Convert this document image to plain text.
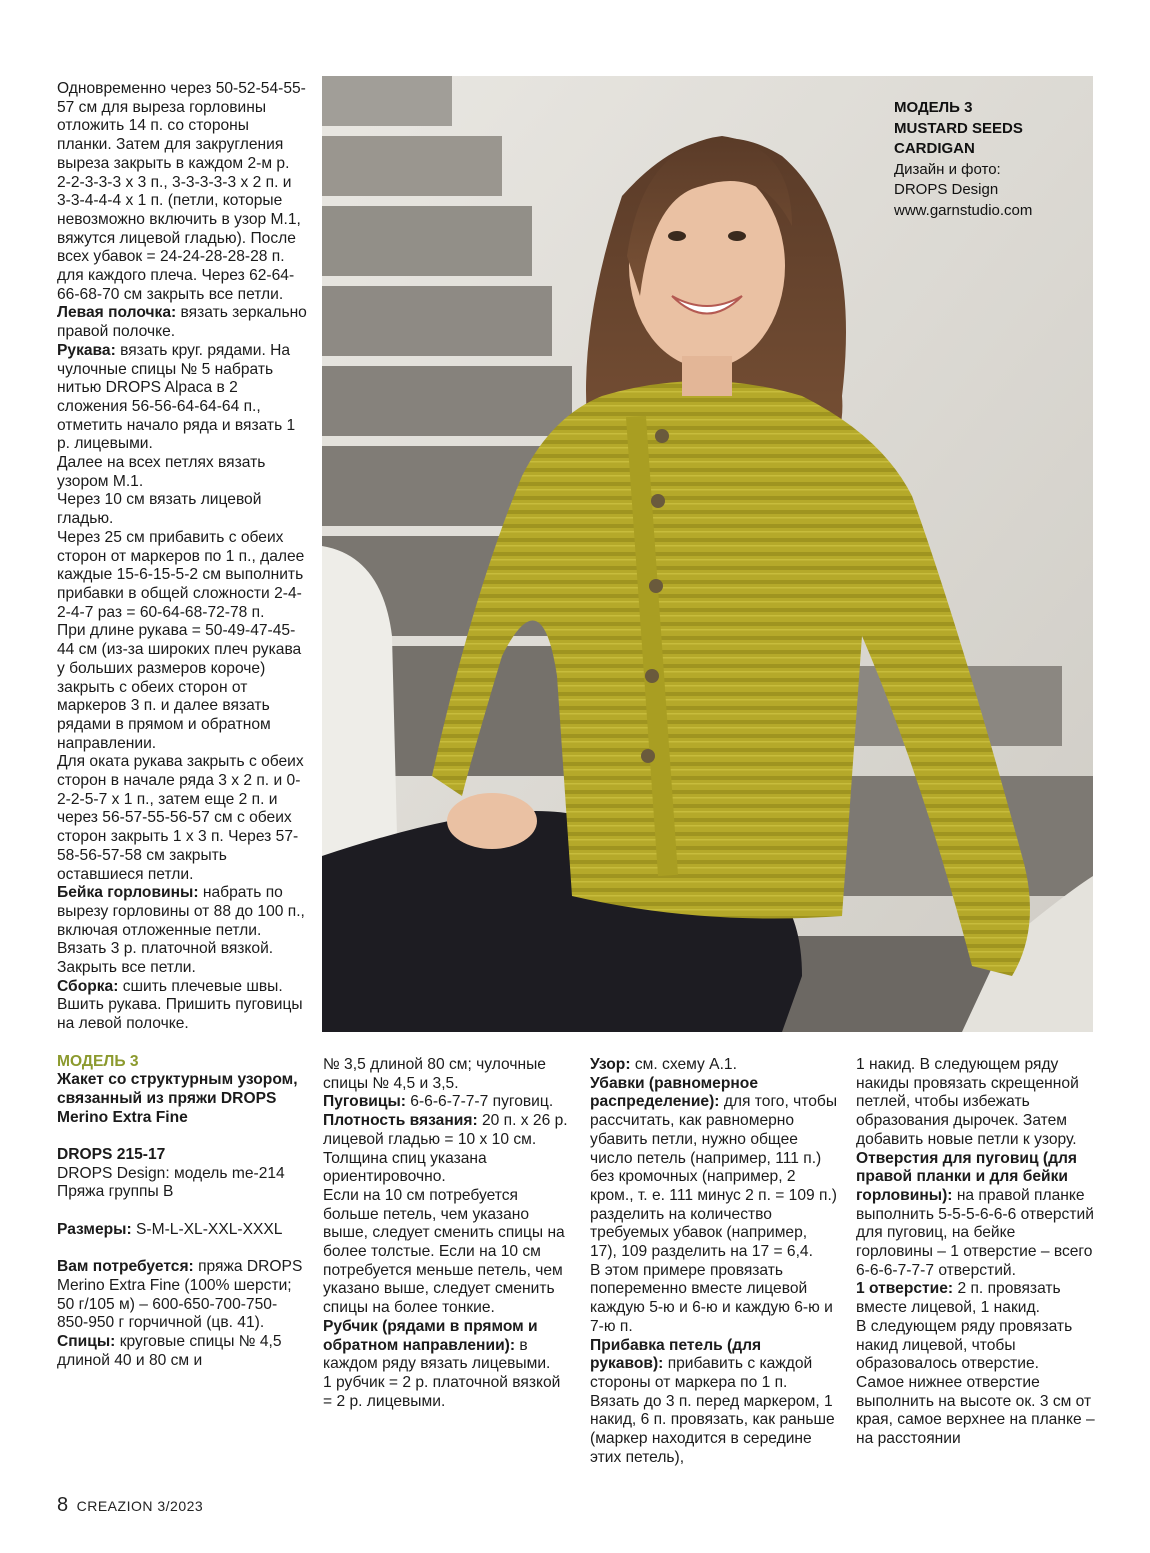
Одновременно через 50-52-54-55-57 см для выреза горловины отложить 14 п. со стороны планки. Затем для закругления выреза закрыть в каждом 2-м р. 2-2-3-3-3 х 3 п., 3-3-3-3-3 х 2 п. и 3-3-4-4-4 х 1 п. (петли, которые невозможно включить в узор М.1, вяжутся лицевой гладью). После всех убавок = 24-24-28-28-28 п. для каждого плеча. Через 62-64-66-68-70 см закрыть все петли.

Левая полочка: вязать зеркально правой полочке.

Рукава: вязать круг. рядами. На чулочные спицы № 5 набрать нитью DROPS Alpaca в 2 сложения 56-56-64-64-64 п., отметить начало ряда и вязать 1 р. лицевыми.

Далее на всех петлях вязать узором М.1.

Через 10 см вязать лицевой гладью.

Через 25 см прибавить с обеих сторон от маркеров по 1 п., далее каждые 15-6-15-5-2 см выполнить прибавки в общей сложности 2-4-2-4-7 раз = 60-64-68-72-78 п.

При длине рукава = 50-49-47-45-44 см (из-за широких плеч рукава у больших размеров короче) закрыть с обеих сторон от маркеров 3 п. и далее вязать рядами в прямом и обратном направлении.

Для оката рукава закрыть с обеих сторон в начале ряда 3 х 2 п. и 0-2-2-5-7 х 1 п., затем еще 2 п. и через 56-57-55-56-57 см с обеих сторон закрыть 1 х 3 п. Через 57-58-56-57-58 см закрыть оставшиеся петли.

Бейка горловины: набрать по вырезу горловины от 88 до 100 п., включая отложенные петли. Вязать 3 р. платочной вязкой. Закрыть все петли.

Сборка: сшить плечевые швы. Вшить рукава. Пришить пуговицы на левой полочке.

МОДЕЛЬ 3

Жакет со структурным узором, связанный из пряжи DROPS Merino Extra Fine

DROPS 215-17

DROPS Design: модель me-214

Пряжа группы B

Размеры: S-M-L-XL-XXL-XXXL

Вам потребуется: пряжа DROPS Merino Extra Fine (100% шерсти; 50 г/105 м) – 600-650-700-750-850-950 г горчичной (цв. 41).

Спицы: круговые спицы № 4,5 длиной 40 и 80 см и

МОДЕЛЬ 3
MUSTARD SEEDS
CARDIGAN
Дизайн и фото:
DROPS Design
www.garnstudio.com

№ 3,5 длиной 80 см; чулочные спицы № 4,5 и 3,5.

Пуговицы: 6-6-6-7-7-7 пуговиц.

Плотность вязания: 20 п. х 26 р. лицевой гладью = 10 х 10 см.

Толщина спиц указана ориентировочно.

Если на 10 см потребуется больше петель, чем указано выше, следует сменить спицы на более толстые. Если на 10 см потребуется меньше петель, чем указано выше, следует сменить спицы на более тонкие.

Рубчик (рядами в прямом и обратном направлении): в каждом ряду вязать лицевыми.

1 рубчик = 2 р. платочной вязкой = 2 р. лицевыми.

Узор: см. схему А.1.

Убавки (равномерное распределение): для того, чтобы рассчитать, как равномерно убавить петли, нужно общее число петель (например, 111 п.) без кромочных (например, 2 кром., т. е. 111 минус 2 п. = 109 п.) разделить на количество требуемых убавок (например, 17), 109 разделить на 17 = 6,4.

В этом примере провязать попеременно вместе лицевой каждую 5-ю и 6-ю и каждую 6-ю и 7-ю п.

Прибавка петель (для рукавов): прибавить с каждой стороны от маркера по 1 п. Вязать до 3 п. перед маркером, 1 накид, 6 п. провязать, как раньше (маркер находится в середине этих петель),

1 накид. В следующем ряду накиды провязать скрещенной петлей, чтобы избежать образования дырочек. Затем добавить новые петли к узору.

Отверстия для пуговиц (для правой планки и для бейки горловины): на правой планке выполнить 5-5-5-6-6-6 отверстий для пуговиц, на бейке горловины – 1 отверстие – всего 6-6-6-7-7-7 отверстий.

1 отверстие: 2 п. провязать вместе лицевой, 1 накид.

В следующем ряду провязать накид лицевой, чтобы образовалось отверстие.

Самое нижнее отверстие выполнить на высоте ок. 3 см от края, самое верхнее на планке – на расстоянии

8 CREAZION 3/2023
